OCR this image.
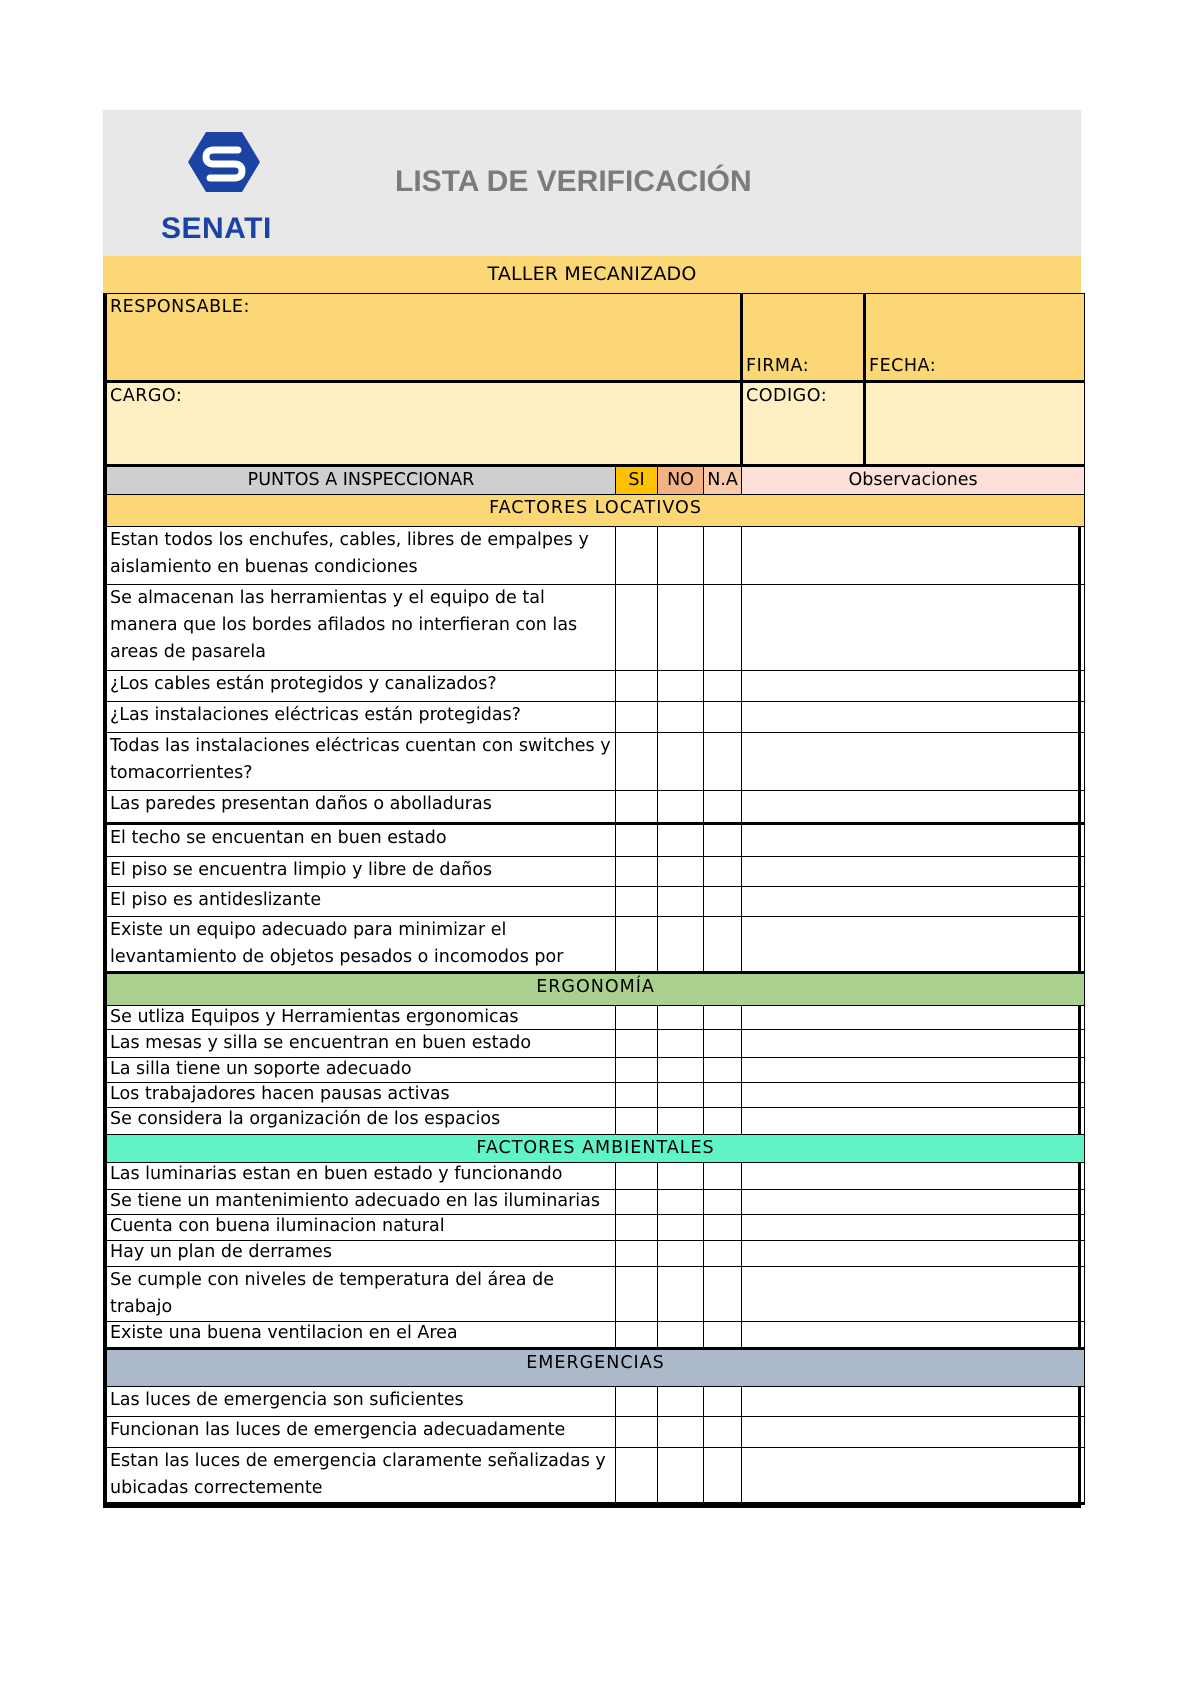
SENATI
LISTA DE VERIFICACIÓN
TALLER MECANIZADO
RESPONSABLE:				FIRMA:	FECHA:
CARGO:				CODIGO:	
PUNTOS A INSPECCIONAR	SI	NO	N.A	Observaciones	
FACTORES LOCATIVOS					
Estan todos los enchufes, cables, libres de empalpes y aislamiento en buenas condiciones					
Se almacenan las herramientas y el equipo de tal manera que los bordes afilados no interfieran con las areas de pasarela					
¿Los cables están protegidos y canalizados?					
¿Las instalaciones eléctricas están protegidas?					
Todas las instalaciones eléctricas cuentan con switches y tomacorrientes?					
Las paredes presentan daños o abolladuras					
El techo se encuentan en buen estado					
El piso se encuentra limpio y libre de daños					
El piso es antideslizante					
Existe un equipo adecuado para minimizar el levantamiento de objetos pesados o incomodos por					
ERGONOMÍA					
Se utliza Equipos y Herramientas ergonomicas					
Las mesas y silla se encuentran en buen estado					
La silla tiene un soporte adecuado					
Los trabajadores hacen pausas activas					
Se considera la organización de los espacios					
FACTORES AMBIENTALES					
Las luminarias estan en buen estado y funcionando					
Se tiene un mantenimiento adecuado en las iluminarias					
Cuenta con buena iluminacion natural					
Hay un plan de derrames					
Se cumple con niveles de temperatura del área de trabajo					
Existe una buena ventilacion en el Area					
EMERGENCIAS					
Las luces de emergencia son suficientes					
Funcionan las luces de emergencia adecuadamente					
Estan las luces de emergencia claramente señalizadas y ubicadas correctemente					
